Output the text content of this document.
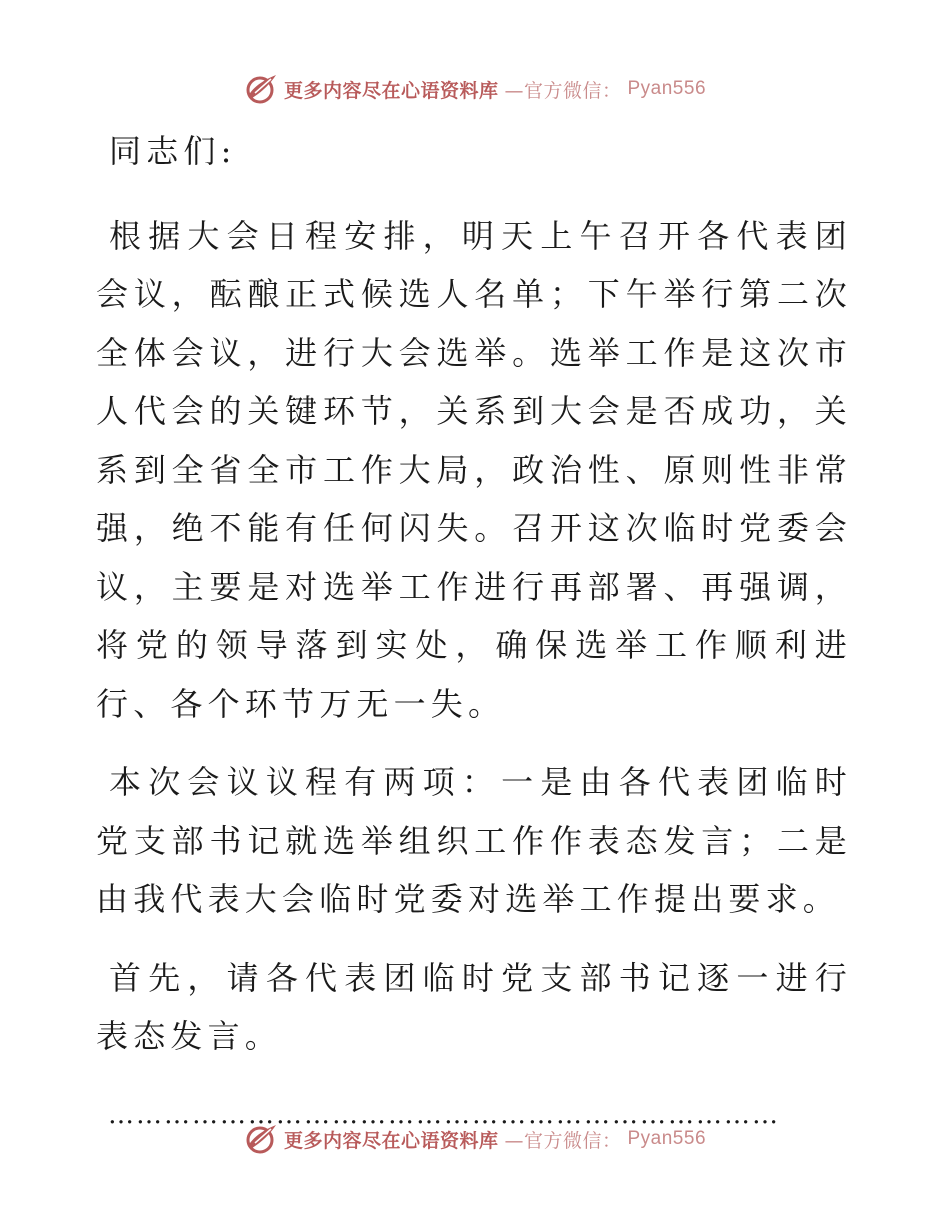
更多内容尽在心语资料库 —官方微信： Pyan556

同志们:

根据大会日程安排，明天上午召开各代表团会议，酝酿正式候选人名单；下午举行第二次全体会议，进行大会选举。选举工作是这次市人代会的关键环节，关系到大会是否成功，关系到全省全市工作大局，政治性、原则性非常强，绝不能有任何闪失。召开这次临时党委会议，主要是对选举工作进行再部署、再强调，将党的领导落到实处，确保选举工作顺利进行、各个环节万无一失。

本次会议议程有两项：一是由各代表团临时党支部书记就选举组织工作作表态发言；二是由我代表大会临时党委对选举工作提出要求。

首先，请各代表团临时党支部书记逐一进行表态发言。

………………………………………………………………

更多内容尽在心语资料库 —官方微信： Pyan556
